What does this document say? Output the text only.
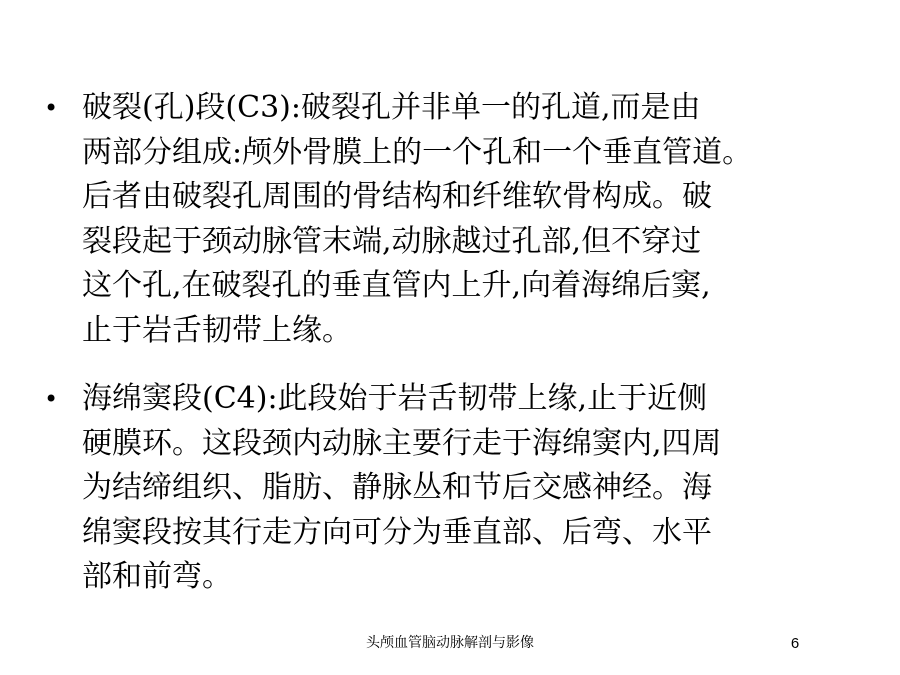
• 破裂(孔)段(C3):破裂孔并非单一的孔道,而是由
两部分组成:颅外骨膜上的一个孔和一个垂直管道。
后者由破裂孔周围的骨结构和纤维软骨构成。破
裂段起于颈动脉管末端,动脉越过孔部,但不穿过
这个孔,在破裂孔的垂直管内上升,向着海绵后窦,
止于岩舌韧带上缘。
• 海绵窦段(C4):此段始于岩舌韧带上缘,止于近侧
硬膜环。这段颈内动脉主要行走于海绵窦内,四周
为结缔组织、脂肪、静脉丛和节后交感神经。海
绵窦段按其行走方向可分为垂直部、后弯、水平
部和前弯。
头颅血管脑动脉解剖与影像	6
